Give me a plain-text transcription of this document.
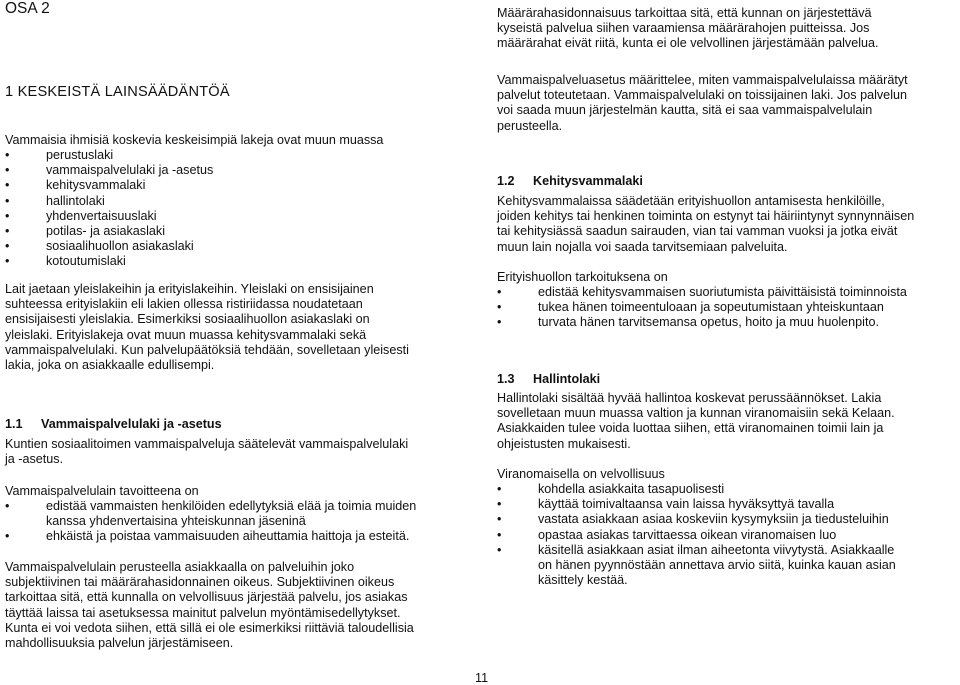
OSA 2
1 KESKEISTÄ LAINSÄÄDÄNTÖÄ

Vammaisia ihmisiä koskevia keskeisimpiä lakeja ovat muun muassa

•	perustuslaki
•	vammaispalvelulaki ja -asetus
•	kehitysvammalaki
•	hallintolaki
•	yhdenvertaisuuslaki
•	potilas- ja asiakaslaki
•	sosiaalihuollon asiakaslaki
•	kotoutumislaki

Lait jaetaan yleislakeihin ja erityislakeihin. Yleislaki on ensisijainen

suhteessa erityislakiin eli lakien ollessa ristiriidassa noudatetaan

ensisijaisesti yleislakia. Esimerkiksi sosiaalihuollon asiakaslaki on

yleislaki. Erityislakeja ovat muun muassa kehitysvammalaki sekä

vammaispalvelulaki. Kun palvelupäätöksiä tehdään, sovelletaan yleisesti

lakia, joka on asiakkaalle edullisempi.

1.1 Vammaispalvelulaki ja -asetus

Kuntien sosiaalitoimen vammaispalveluja säätelevät vammaispalvelulaki

ja -asetus.

Vammaispalvelulain tavoitteena on

•	edistää vammaisten henkilöiden edellytyksiä elää ja toimia muiden
kanssa yhdenvertaisina yhteiskunnan jäseninä
•	ehkäistä ja poistaa vammaisuuden aiheuttamia haittoja ja esteitä.

Vammaispalvelulain perusteella asiakkaalla on palveluihin joko

subjektiivinen tai määrärahasidonnainen oikeus. Subjektiivinen oikeus

tarkoittaa sitä, että kunnalla on velvollisuus järjestää palvelu, jos asiakas

täyttää laissa tai asetuksessa mainitut palvelun myöntämisedellytykset.

Kunta ei voi vedota siihen, että sillä ei ole esimerkiksi riittäviä taloudellisia

mahdollisuuksia palvelun järjestämiseen.

Määrärahasidonnaisuus tarkoittaa sitä, että kunnan on järjestettävä

kyseistä palvelua siihen varaamiensa määrärahojen puitteissa. Jos

määrärahat eivät riitä, kunta ei ole velvollinen järjestämään palvelua.

Vammaispalveluasetus määrittelee, miten vammaispalvelulaissa määrätyt

palvelut toteutetaan. Vammaispalvelulaki on toissijainen laki. Jos palvelun

voi saada muun järjestelmän kautta, sitä ei saa vammaispalvelulain

perusteella.

1.2 Kehitysvammalaki

Kehitysvammalaissa säädetään erityishuollon antamisesta henkilöille,

joiden kehitys tai henkinen toiminta on estynyt tai häiriintynyt synnynnäisen

tai kehitysiässä saadun sairauden, vian tai vamman vuoksi ja jotka eivät

muun lain nojalla voi saada tarvitsemiaan palveluita.

Erityishuollon tarkoituksena on

•	edistää kehitysvammaisen suoriutumista päivittäisistä toiminnoista
•	tukea hänen toimeentuloaan ja sopeutumistaan yhteiskuntaan
•	turvata hänen tarvitsemansa opetus, hoito ja muu huolenpito.
1.3 Hallintolaki

Hallintolaki sisältää hyvää hallintoa koskevat perussäännökset. Lakia

sovelletaan muun muassa valtion ja kunnan viranomaisiin sekä Kelaan.

Asiakkaiden tulee voida luottaa siihen, että viranomainen toimii lain ja

ohjeistusten mukaisesti.

Viranomaisella on velvollisuus

•	kohdella asiakkaita tasapuolisesti
•	käyttää toimivaltaansa vain laissa hyväksyttyä tavalla
•	vastata asiakkaan asiaa koskeviin kysymyksiin ja tiedusteluihin
•	opastaa asiakas tarvittaessa oikean viranomaisen luo
•	käsitellä asiakkaan asiat ilman aiheetonta viivytystä. Asiakkaalle
on hänen pyynnöstään annettava arvio siitä, kuinka kauan asian
käsittely kestää.
11
